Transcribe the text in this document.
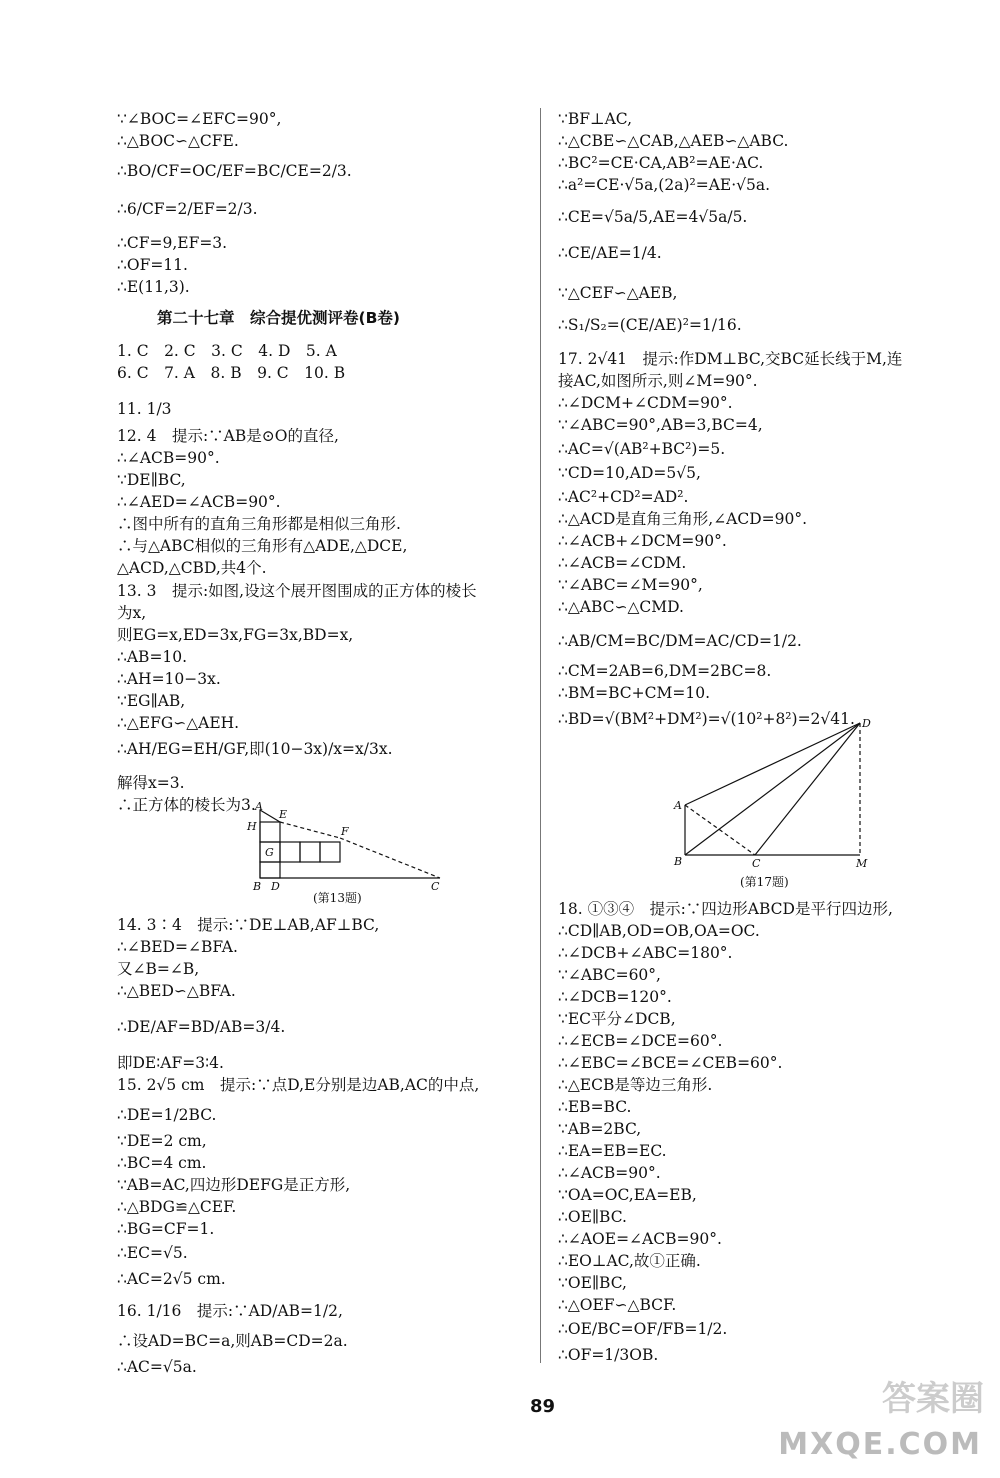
∵∠BOC=∠EFC=90°,
∴△BOC∽△CFE.
∴BO/CF=OC/EF=BC/CE=2/3.
∴6/CF=2/EF=2/3.
∴CF=9,EF=3.
∴OF=11.
∴E(11,3).
第二十七章　综合提优测评卷(B卷)
1. C　2. C　3. C　4. D　5. A
6. C　7. A　8. B　9. C　10. B
11. 1/3
12. 4　提示:∵AB是⊙O的直径,
∴∠ACB=90°.
∵DE∥BC,
∴∠AED=∠ACB=90°.
∴图中所有的直角三角形都是相似三角形.
∴与△ABC相似的三角形有△ADE,△DCE,
△ACD,△CBD,共4个.
13. 3　提示:如图,设这个展开图围成的正方体的棱长
为x,
则EG=x,ED=3x,FG=3x,BD=x,
∴AB=10.
∴AH=10−3x.
∵EG∥AB,
∴△EFG∽△AEH.
∴AH/EG=EH/GF,即(10−3x)/x=x/3x.
解得x=3.
∴正方体的棱长为3.
14. 3∶4　提示:∵DE⊥AB,AF⊥BC,
∴∠BED=∠BFA.
又∠B=∠B,
∴△BED∽△BFA.
∴DE/AF=BD/AB=3/4.
即DE∶AF=3∶4.
15. 2√5 cm　提示:∵点D,E分别是边AB,AC的中点,
∴DE=1/2BC.
∵DE=2 cm,
∴BC=4 cm.
∵AB=AC,四边形DEFG是正方形,
∴△BDG≌△CEF.
∴BG=CF=1.
∴EC=√5.
∴AC=2√5 cm.
16. 1/16　提示:∵AD/AB=1/2,
∴设AD=BC=a,则AB=CD=2a.
∴AC=√5a.
∵BF⊥AC,
∴△CBE∽△CAB,△AEB∽△ABC.
∴BC²=CE·CA,AB²=AE·AC.
∴a²=CE·√5a,(2a)²=AE·√5a.
∴CE=√5a/5,AE=4√5a/5.
∴CE/AE=1/4.
∵△CEF∽△AEB,
∴S₁/S₂=(CE/AE)²=1/16.
17. 2√41　提示:作DM⊥BC,交BC延长线于M,连
接AC,如图所示,则∠M=90°.
∴∠DCM+∠CDM=90°.
∵∠ABC=90°,AB=3,BC=4,
∴AC=√(AB²+BC²)=5.
∵CD=10,AD=5√5,
∴AC²+CD²=AD².
∴△ACD是直角三角形,∠ACD=90°.
∴∠ACB+∠DCM=90°.
∴∠ACB=∠CDM.
∵∠ABC=∠M=90°,
∴△ABC∽△CMD.
∴AB/CM=BC/DM=AC/CD=1/2.
∴CM=2AB=6,DM=2BC=8.
∴BM=BC+CM=10.
∴BD=√(BM²+DM²)=√(10²+8²)=2√41.
18. ①③④　提示:∵四边形ABCD是平行四边形,
∴CD∥AB,OD=OB,OA=OC.
∴∠DCB+∠ABC=180°.
∵∠ABC=60°,
∴∠DCB=120°.
∵EC平分∠DCB,
∴∠ECB=∠DCE=60°.
∴∠EBC=∠BCE=∠CEB=60°.
∴△ECB是等边三角形.
∴EB=BC.
∵AB=2BC,
∴EA=EB=EC.
∴∠ACB=90°.
∵OA=OC,EA=EB,
∴OE∥BC.
∴∠AOE=∠ACB=90°.
∴EO⊥AC,故①正确.
∵OE∥BC,
∴△OEF∽△BCF.
∴OE/BC=OF/FB=1/2.
∴OF=1/3OB.
A
E
H	F
G
B D	C
(第13题)
D
A
B	C	M
(第17题)
89	答案圈
MXQE.COM
